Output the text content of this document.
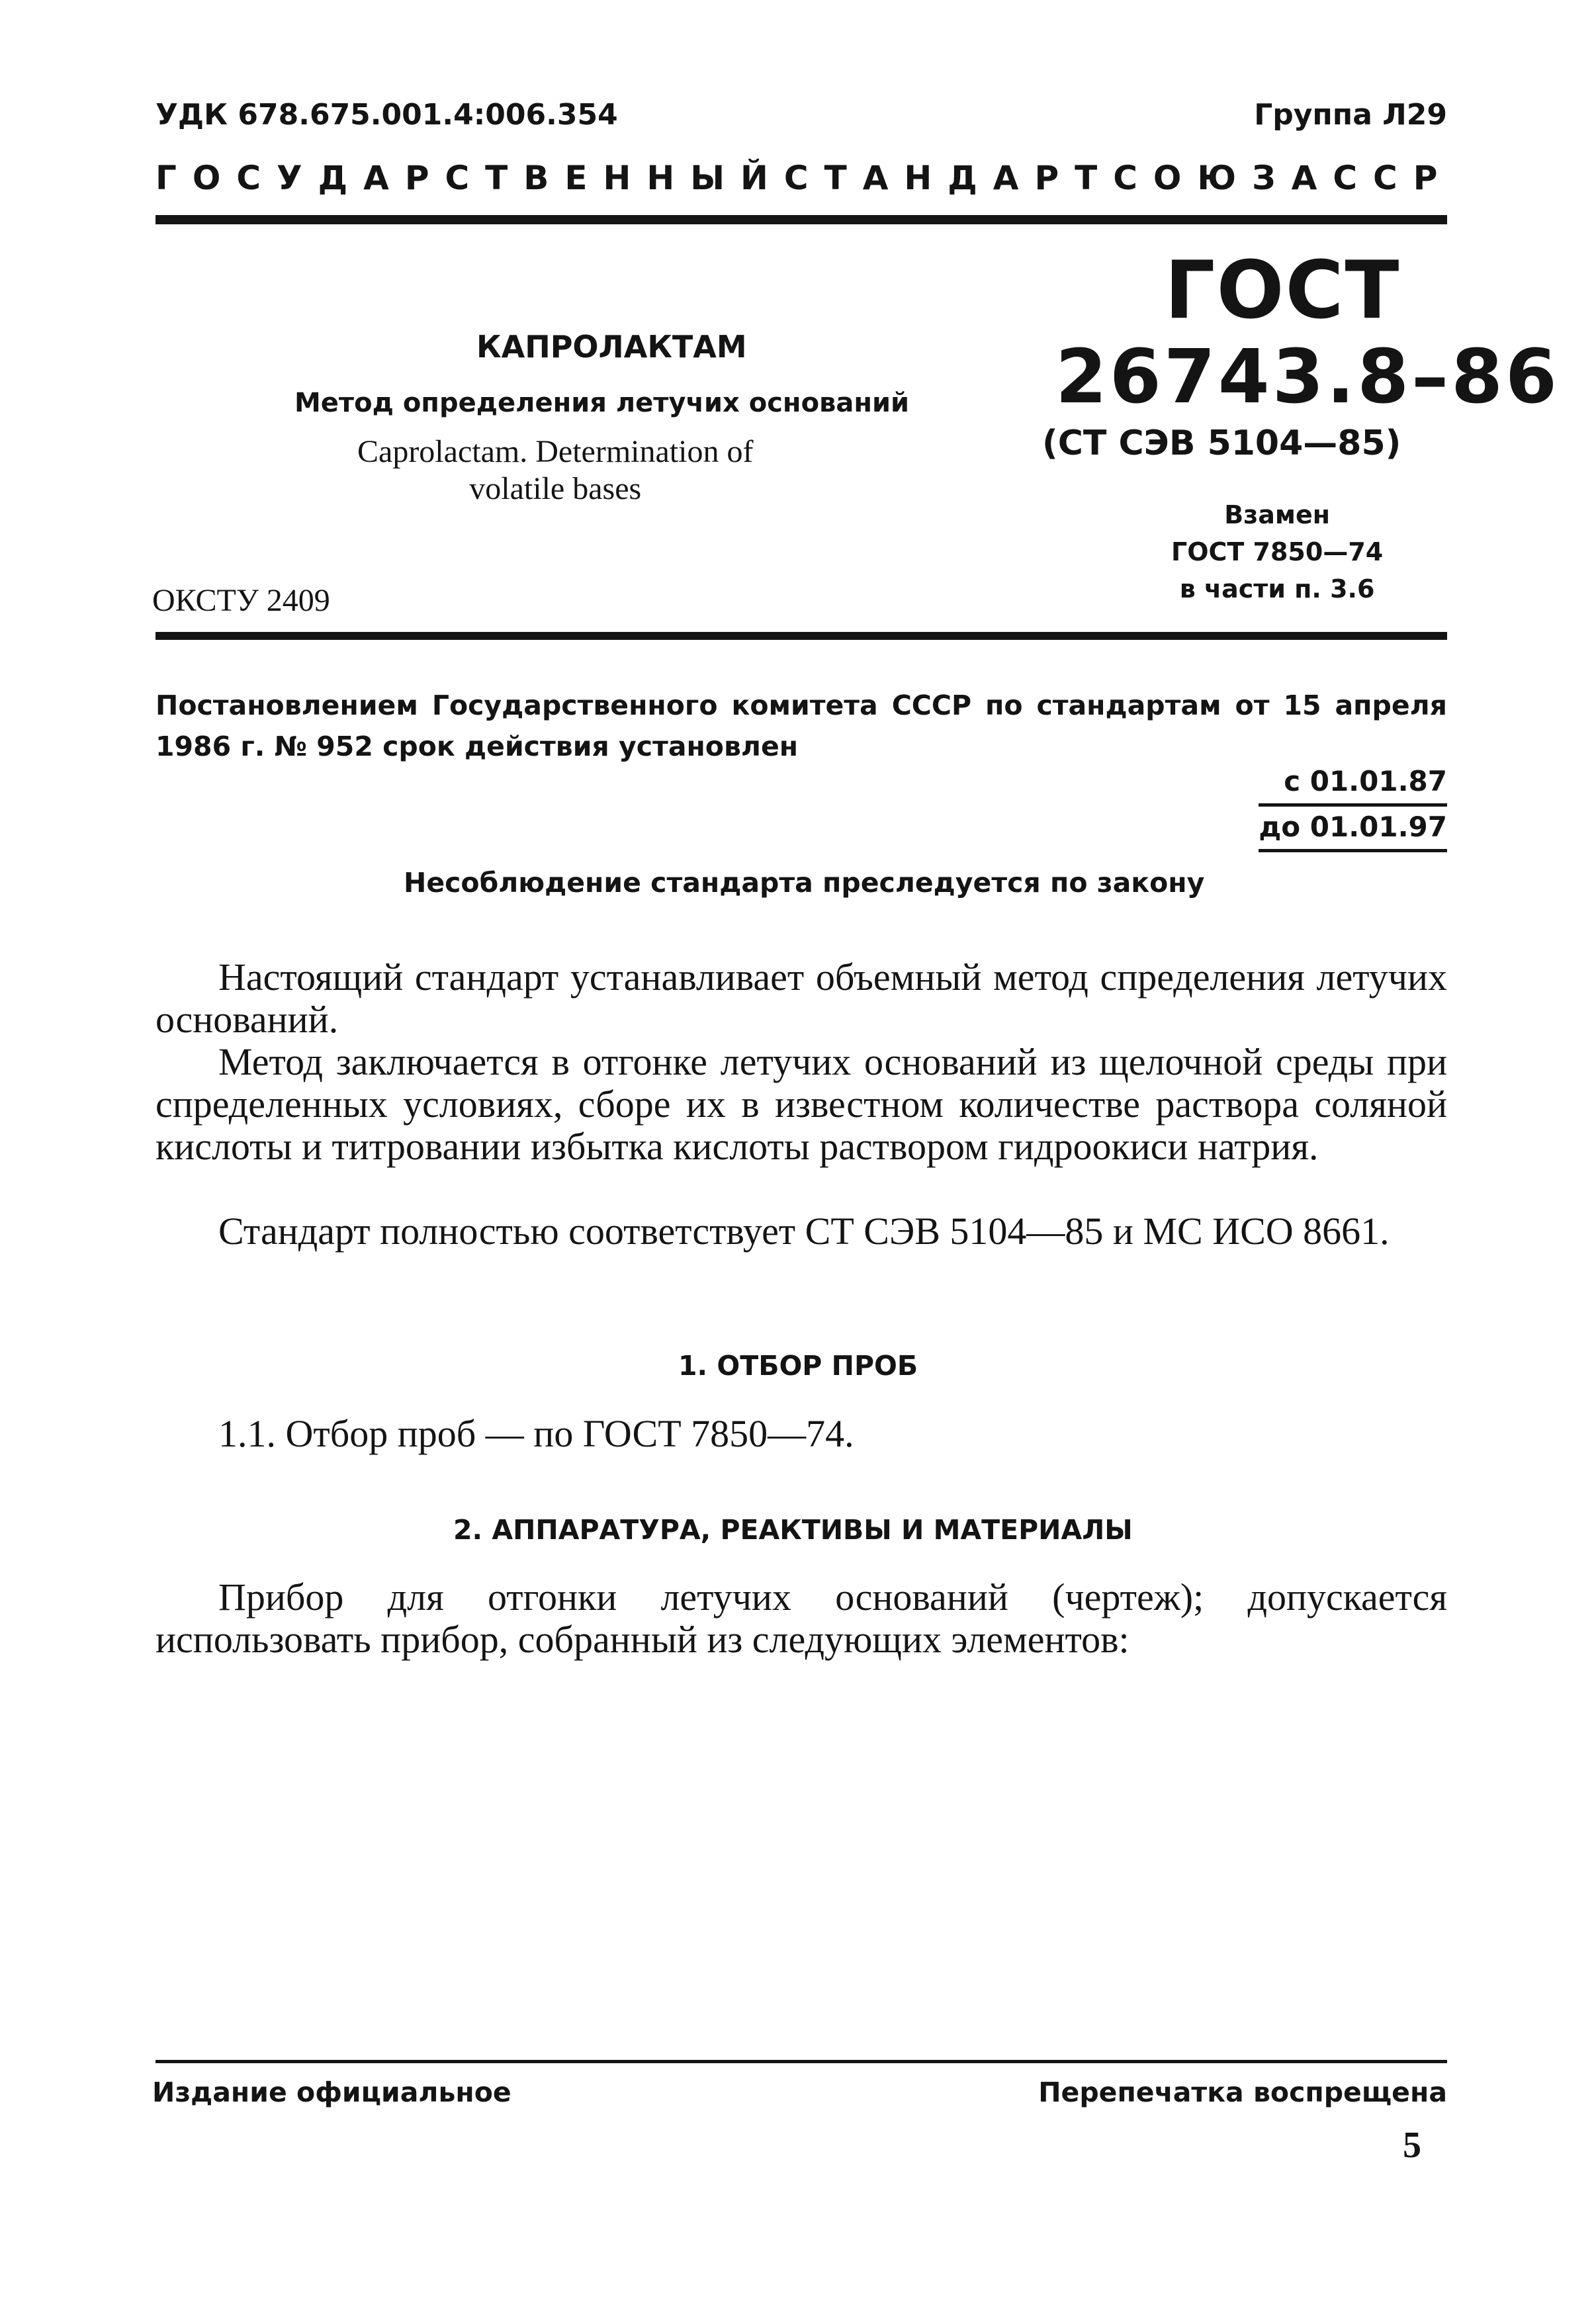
УДК 678.675.001.4:006.354	Группа Л29
ГОСУДАРСТВЕННЫЙ СТАНДАРТ СОЮЗА ССР
КАПРОЛАКТАМ
Метод определения летучих оснований
Caprolactam. Determination of
volatile bases
ОКСТУ 2409
ГОСТ
26743.8–86
(СТ СЭВ 5104—85)
Взамен
ГОСТ 7850—74
в части п. 3.6
Постановлением Государственного комитета СССР по стандартам от 15 апреля 1986 г. № 952 срок действия установлен
с 01.01.87
до 01.01.97
Несоблюдение стандарта преследуется по закону
Настоящий стандарт устанавливает объемный метод спределения летучих оснований.
Метод заключается в отгонке летучих оснований из щелочной среды при спределенных условиях, сборе их в известном количестве раствора соляной кислоты и титровании избытка кислоты раствором гидроокиси натрия.
Стандарт полностью соответствует СТ СЭВ 5104—85 и МС ИСО 8661.
1. ОТБОР ПРОБ
1.1. Отбор проб — по ГОСТ 7850—74.
2. АППАРАТУРА, РЕАКТИВЫ И МАТЕРИАЛЫ
Прибор для отгонки летучих оснований (чертеж); допускается использовать прибор, собранный из следующих элементов:
Издание официальное	Перепечатка воспрещена
5
